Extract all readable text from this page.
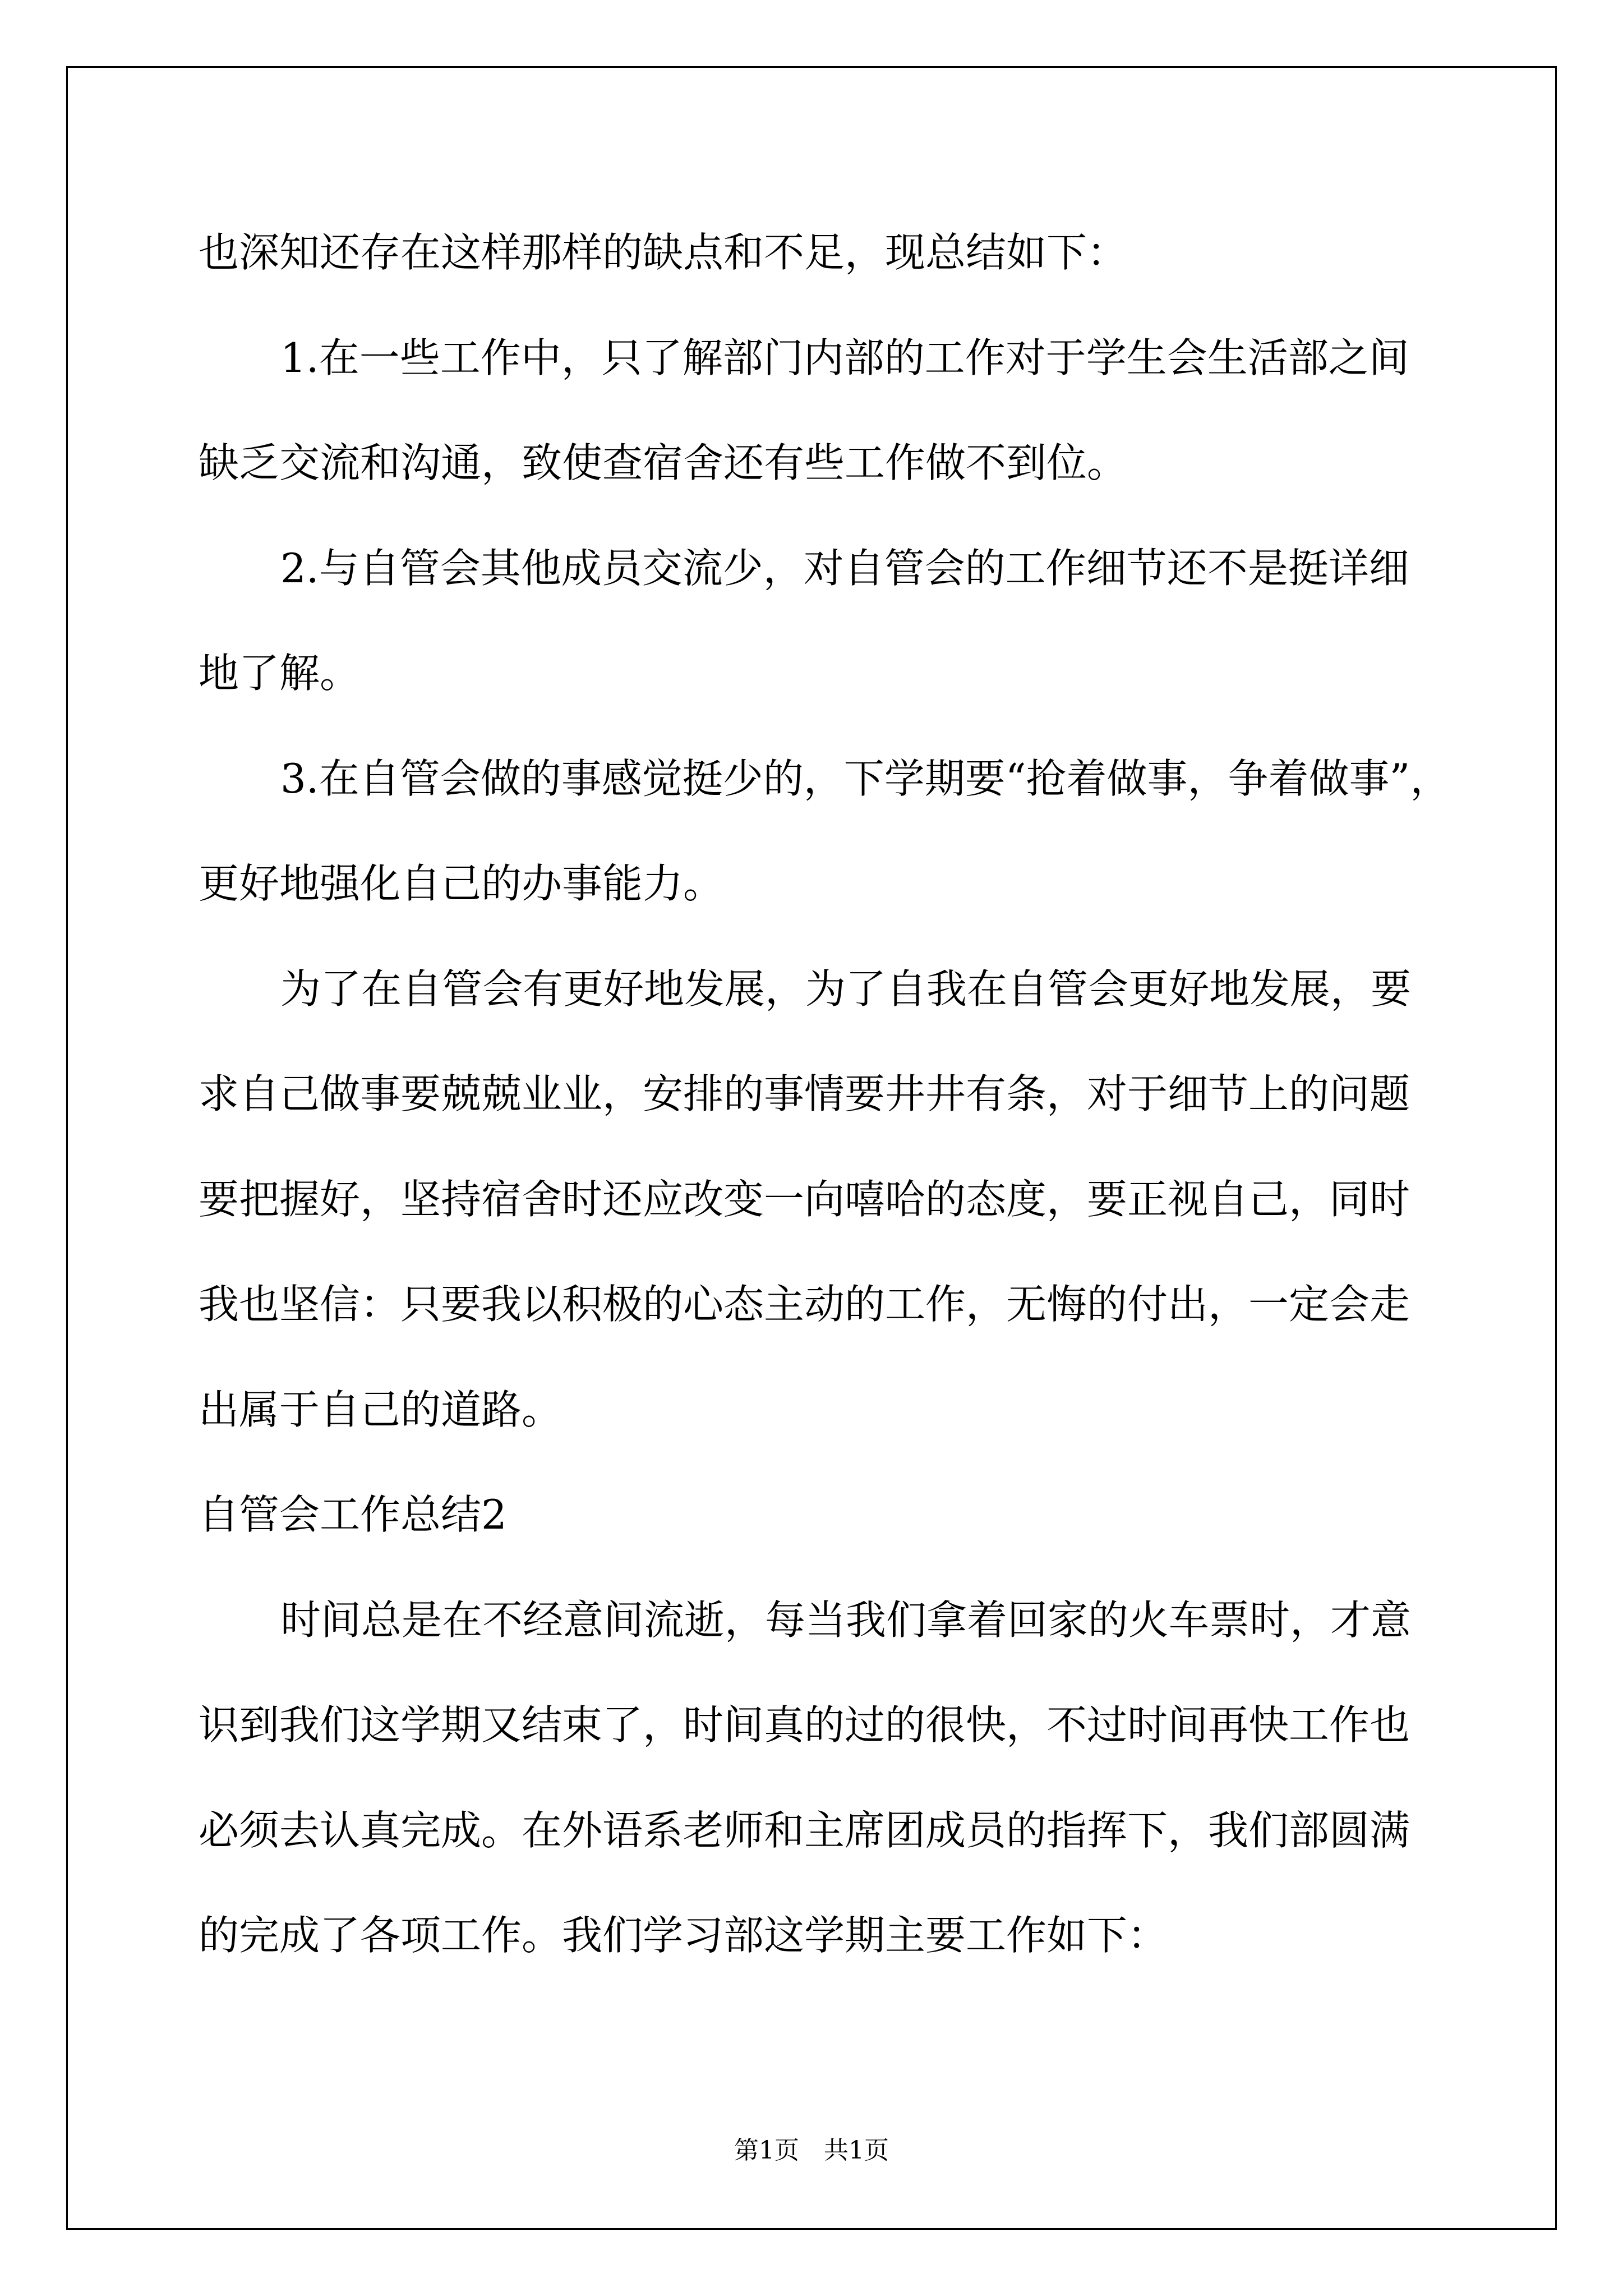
也深知还存在这样那样的缺点和不足，现总结如下：
1.在一些工作中，只了解部门内部的工作对于学生会生活部之间
缺乏交流和沟通，致使查宿舍还有些工作做不到位。
2.与自管会其他成员交流少，对自管会的工作细节还不是挺详细
地了解。
3.在自管会做的事感觉挺少的，下学期要“抢着做事，争着做事”，
更好地强化自己的办事能力。
为了在自管会有更好地发展，为了自我在自管会更好地发展，要
求自己做事要兢兢业业，安排的事情要井井有条，对于细节上的问题
要把握好，坚持宿舍时还应改变一向嘻哈的态度，要正视自己，同时
我也坚信：只要我以积极的心态主动的工作，无悔的付出，一定会走
出属于自己的道路。
自管会工作总结2
时间总是在不经意间流逝，每当我们拿着回家的火车票时，才意
识到我们这学期又结束了，时间真的过的很快，不过时间再快工作也
必须去认真完成。在外语系老师和主席团成员的指挥下，我们部圆满
的完成了各项工作。我们学习部这学期主要工作如下：
第1页　共1页
